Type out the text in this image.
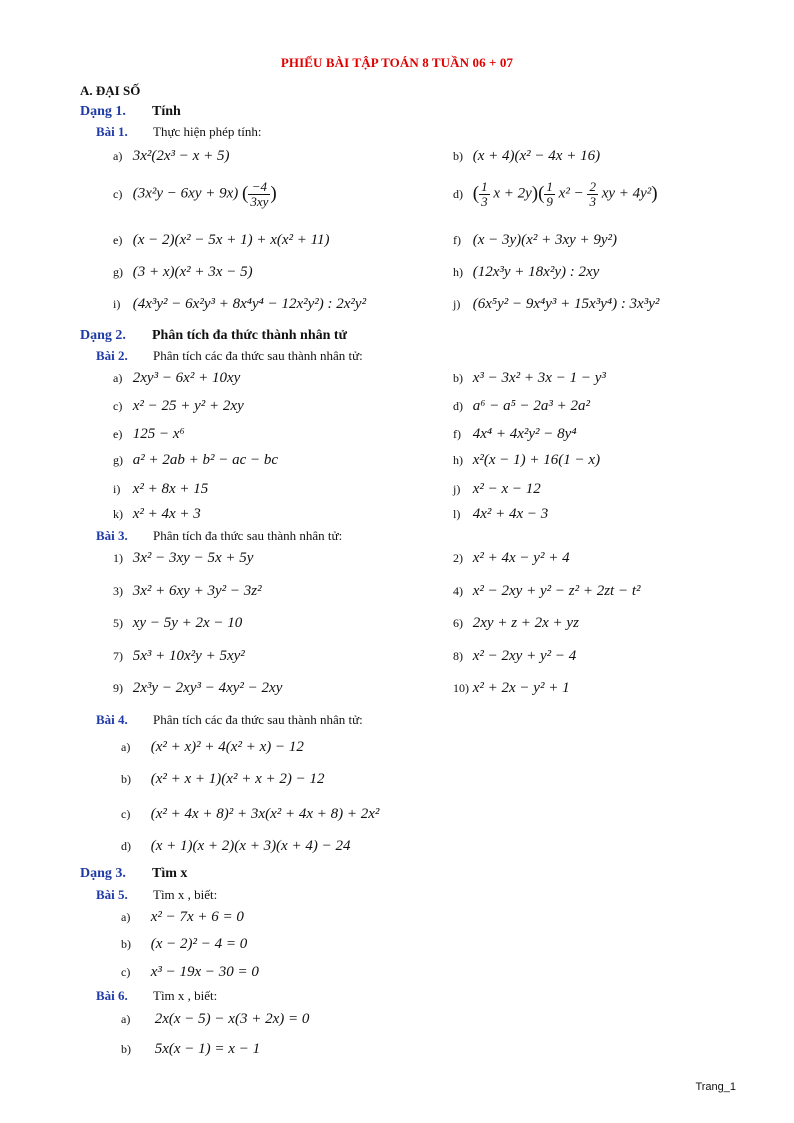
PHIẾU BÀI TẬP TOÁN 8 TUẦN 06 + 07
A. ĐẠI SỐ
Dạng 1. Tính
Bài 1. Thực hiện phép tính:
a) 3x²(2x³ − x + 5)	b) (x + 4)(x² − 4x + 16)
c) (3x²y − 6xy + 9x) ( $\frac{-4}{3xy}$ )	d) ( $\frac{1}{3}$ $x + 2y)( \frac{1}{9} x^2 - \frac{2}{3}$ xy + 4y²)
e) (x − 2)(x² − 5x + 1) + x(x² + 11)	f) (x − 3y)(x² + 3xy + 9y²)
g) (3 + x)(x² + 3x − 5)	h) (12x³y + 18x²y) : 2xy
i) (4x³y² − 6x²y³ + 8x⁴y⁴ − 12x²y²) : 2x²y²	j) (6x⁵y² − 9x⁴y³ + 15x³y⁴) : 3x³y²
Dạng 2. Phân tích đa thức thành nhân tử
Bài 2. Phân tích các đa thức sau thành nhân tử:
a) 2xy³ − 6x² + 10xy	b) x³ − 3x² + 3x − 1 − y³
c) x² − 25 + y² + 2xy	d) a⁶ − a⁵ − 2a³ + 2a²
e) 125 − x⁶	f) 4x⁴ + 4x²y² − 8y⁴
g) a² + 2ab + b² − ac − bc	h) x²(x − 1) + 16(1 − x)
i) x² + 8x + 15	j) x² − x − 12
k) x² + 4x + 3	l) 4x² + 4x − 3
Bài 3. Phân tích đa thức sau thành nhân tử:
1) 3x² − 3xy − 5x + 5y	2) x² + 4x − y² + 4
3) 3x² + 6xy + 3y² − 3z²	4) x² − 2xy + y² − z² + 2zt − t²
5) xy − 5y + 2x − 10	6) 2xy + z + 2x + yz
7) 5x³ + 10x²y + 5xy²	8) x² − 2xy + y² − 4
9) 2x³y − 2xy³ − 4xy² − 2xy	10) x² + 2x − y² + 1
Bài 4. Phân tích các đa thức sau thành nhân tử:
a) (x² + x)² + 4(x² + x) − 12
b) (x² + x + 1)(x² + x + 2) − 12
c) (x² + 4x + 8)² + 3x(x² + 4x + 8) + 2x²
d) (x + 1)(x + 2)(x + 3)(x + 4) − 24
Dạng 3. Tìm x
Bài 5. Tìm x , biết:
a) x² − 7x + 6 = 0
b) (x − 2)² − 4 = 0
c) x³ − 19x − 30 = 0
Bài 6. Tìm x , biết:
a) 2x(x − 5) − x(3 + 2x) = 0
b) 5x(x − 1) = x − 1
Trang_1
